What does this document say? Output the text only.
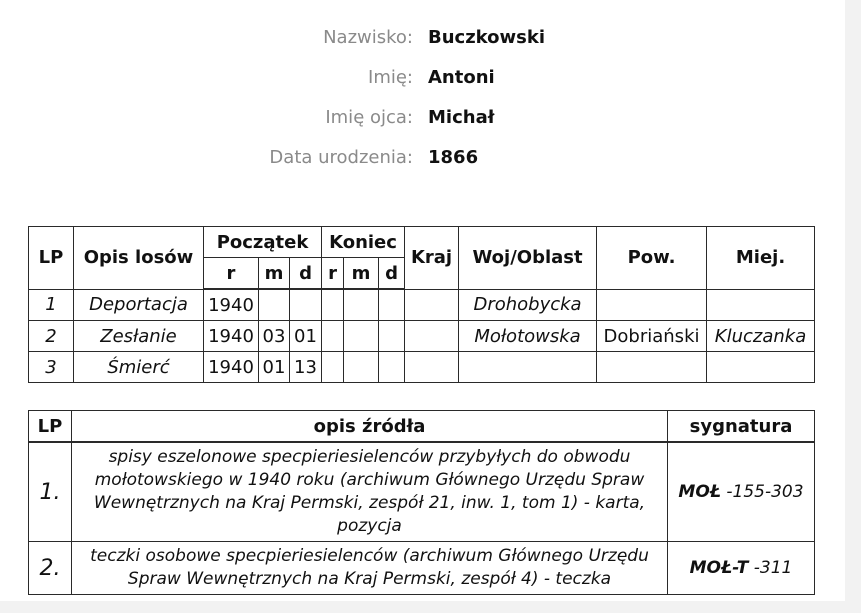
Nazwisko: Buczkowski
Imię: Antoni
Imię ojca: Michał
Data urodzenia: 1866
LP	Opis losów	Początek			Koniec			Kraj	Woj/Oblast	Pow.	Miej.
		r	m	d	r	m	d				
1	Deportacja	1940							Drohobycka		
2	Zesłanie	1940	03	01					Mołotowska	Dobriański	Kluczanka
3	Śmierć	1940	01	13							
LP	opis źródła	sygnatura
1.	spisy eszelonowe specpieriesielenców przybyłych do obwodu mołotowskiego w 1940 roku (archiwum Głównego Urzędu Spraw Wewnętrznych na Kraj Permski, zespół 21, inw. 1, tom 1) - karta, pozycja	MOŁ -155-303
2.	teczki osobowe specpieriesielenców (archiwum Głównego Urzędu Spraw Wewnętrznych na Kraj Permski, zespół 4) - teczka	MOŁ-T -311
